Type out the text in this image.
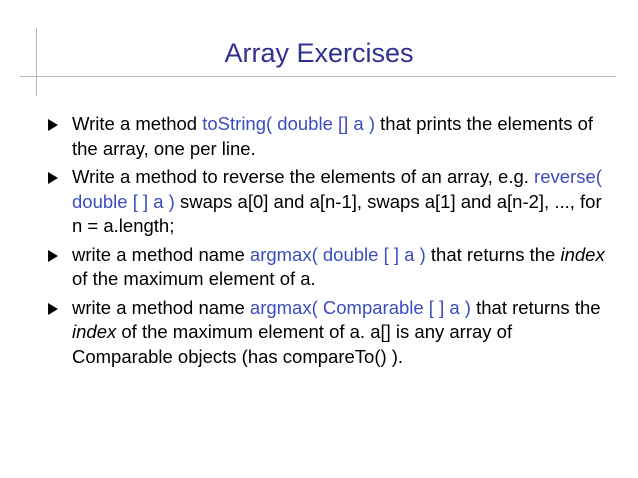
Array Exercises
Write a method toString( double [] a ) that prints the elements of the array, one per line.
Write a method to reverse the elements of an array, e.g. reverse( double [ ] a ) swaps a[0] and a[n-1], swaps a[1] and a[n-2], ..., for n = a.length;
write a method name argmax( double [ ] a ) that returns the index of the maximum element of a.
write a method name argmax( Comparable [ ] a ) that returns the index of the maximum element of a. a[] is any array of Comparable objects (has compareTo() ).
